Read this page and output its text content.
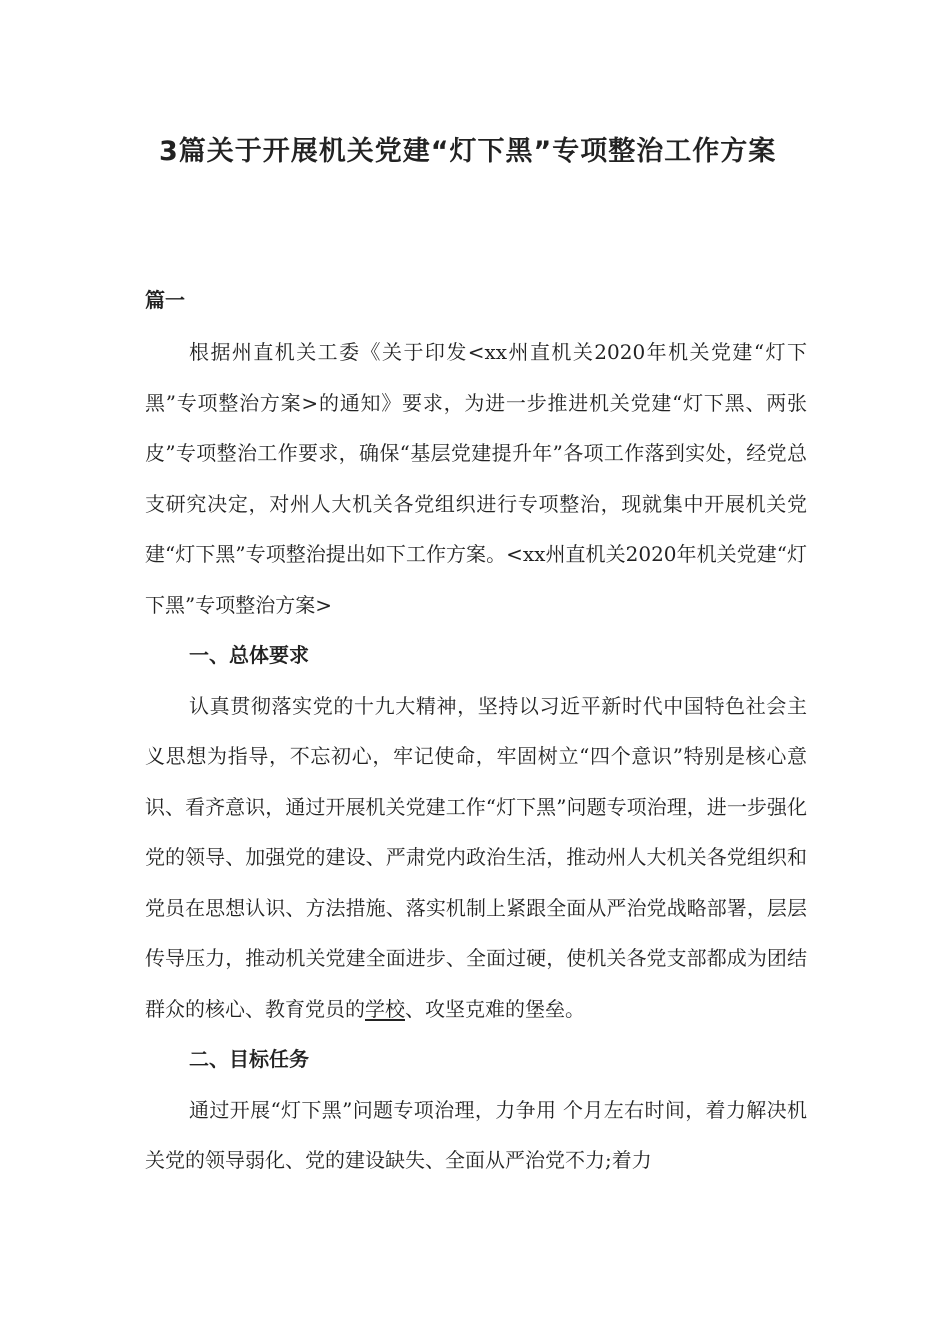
3篇关于开展机关党建“灯下黑”专项整治工作方案
篇一

根据州直机关工委《关于印发<xx州直机关2020年机关党建“灯下黑”专项整治方案>的通知》要求，为进一步推进机关党建“灯下黑、两张皮”专项整治工作要求，确保“基层党建提升年”各项工作落到实处，经党总支研究决定，对州人大机关各党组织进行专项整治，现就集中开展机关党建“灯下黑”专项整治提出如下工作方案。<xx州直机关2020年机关党建“灯下黑”专项整治方案>

一、总体要求

认真贯彻落实党的十九大精神，坚持以习近平新时代中国特色社会主义思想为指导，不忘初心，牢记使命，牢固树立“四个意识”特别是核心意识、看齐意识，通过开展机关党建工作“灯下黑”问题专项治理，进一步强化党的领导、加强党的建设、严肃党内政治生活，推动州人大机关各党组织和党员在思想认识、方法措施、落实机制上紧跟全面从严治党战略部署，层层传导压力，推动机关党建全面进步、全面过硬，使机关各党支部都成为团结群众的核心、教育党员的学校、攻坚克难的堡垒。

二、目标任务

通过开展“灯下黑”问题专项治理，力争用 个月左右时间，着力解决机关党的领导弱化、党的建设缺失、全面从严治党不力;着力
